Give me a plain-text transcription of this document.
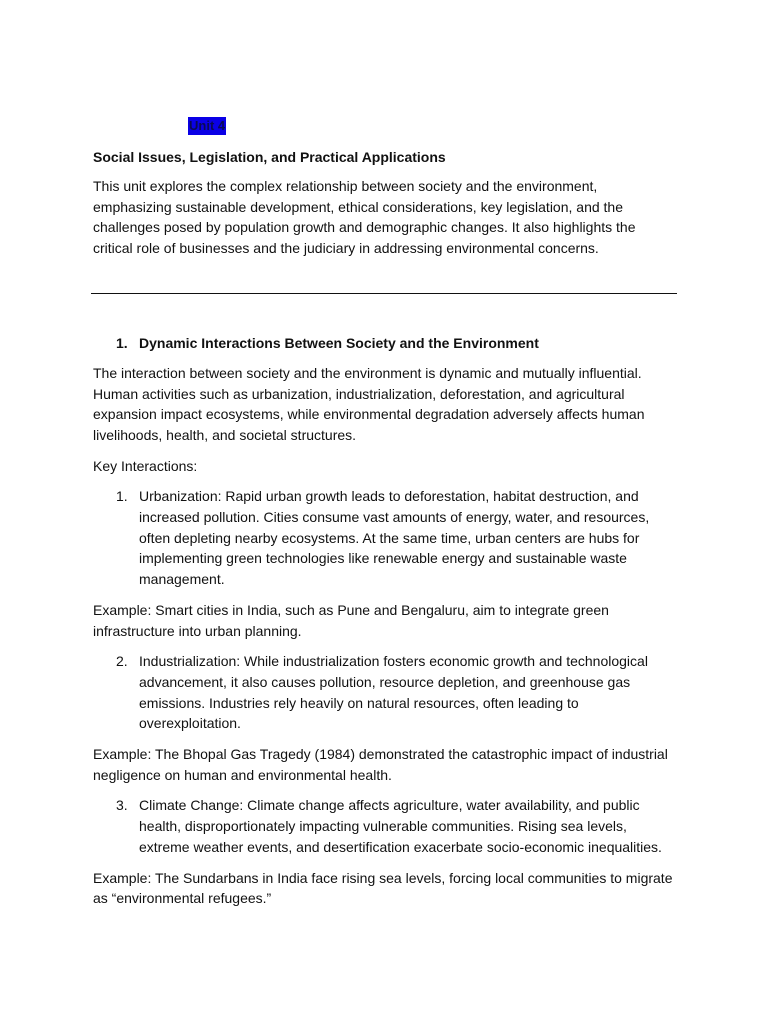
Unit 4
Social Issues, Legislation, and Practical Applications

This unit explores the complex relationship between society and the environment, emphasizing sustainable development, ethical considerations, key legislation, and the challenges posed by population growth and demographic changes. It also highlights the critical role of businesses and the judiciary in addressing environmental concerns.

1. Dynamic Interactions Between Society and the Environment

The interaction between society and the environment is dynamic and mutually influential. Human activities such as urbanization, industrialization, deforestation, and agricultural expansion impact ecosystems, while environmental degradation adversely affects human livelihoods, health, and societal structures.

Key Interactions:

1. Urbanization: Rapid urban growth leads to deforestation, habitat destruction, and increased pollution. Cities consume vast amounts of energy, water, and resources, often depleting nearby ecosystems. At the same time, urban centers are hubs for implementing green technologies like renewable energy and sustainable waste management.

Example: Smart cities in India, such as Pune and Bengaluru, aim to integrate green infrastructure into urban planning.

2. Industrialization: While industrialization fosters economic growth and technological advancement, it also causes pollution, resource depletion, and greenhouse gas emissions. Industries rely heavily on natural resources, often leading to overexploitation.

Example: The Bhopal Gas Tragedy (1984) demonstrated the catastrophic impact of industrial negligence on human and environmental health.

3. Climate Change: Climate change affects agriculture, water availability, and public health, disproportionately impacting vulnerable communities. Rising sea levels, extreme weather events, and desertification exacerbate socio-economic inequalities.

Example: The Sundarbans in India face rising sea levels, forcing local communities to migrate as “environmental refugees.”
